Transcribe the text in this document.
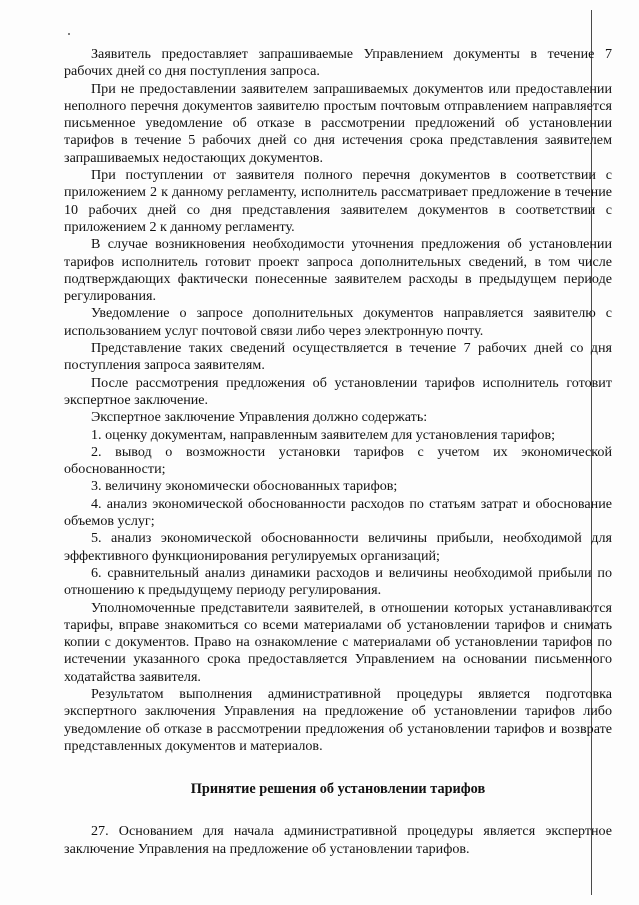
Заявитель предоставляет запрашиваемые Управлением документы в течение 7 рабочих дней со дня поступления запроса.

При не предоставлении заявителем запрашиваемых документов или предоставлении неполного перечня документов заявителю простым почтовым отправлением направляется письменное уведомление об отказе в рассмотрении предложений об установлении тарифов в течение 5 рабочих дней со дня истечения срока представления заявителем запрашиваемых недостающих документов.

При поступлении от заявителя полного перечня документов в соответствии с приложением 2 к данному регламенту, исполнитель рассматривает предложение в течение 10 рабочих дней со дня представления заявителем документов в соответствии с приложением 2 к данному регламенту.

В случае возникновения необходимости уточнения предложения об установлении тарифов исполнитель готовит проект запроса дополнительных сведений, в том числе подтверждающих фактически понесенные заявителем расходы в предыдущем периоде регулирования.

Уведомление о запросе дополнительных документов направляется заявителю с использованием услуг почтовой связи либо через электронную почту.

Представление таких сведений осуществляется в течение 7 рабочих дней со дня поступления запроса заявителям.

После рассмотрения предложения об установлении тарифов исполнитель готовит экспертное заключение.

Экспертное заключение Управления должно содержать:

1. оценку документам, направленным заявителем для установления тарифов;

2. вывод о возможности установки тарифов с учетом их экономической обоснованности;

3. величину экономически обоснованных тарифов;

4. анализ экономической обоснованности расходов по статьям затрат и обоснование объемов услуг;

5. анализ экономической обоснованности величины прибыли, необходимой для эффективного функционирования регулируемых организаций;

6. сравнительный анализ динамики расходов и величины необходимой прибыли по отношению к предыдущему периоду регулирования.

Уполномоченные представители заявителей, в отношении которых устанавливаются тарифы, вправе знакомиться со всеми материалами об установлении тарифов и снимать копии с документов. Право на ознакомление с материалами об установлении тарифов по истечении указанного срока предоставляется Управлением на основании письменного ходатайства заявителя.

Результатом выполнения административной процедуры является подготовка экспертного заключения Управления на предложение об установлении тарифов либо уведомление об отказе в рассмотрении предложения об установлении тарифов и возврате представленных документов и материалов.

Принятие решения об установлении тарифов

27. Основанием для начала административной процедуры является экспертное заключение Управления на предложение об установлении тарифов.
